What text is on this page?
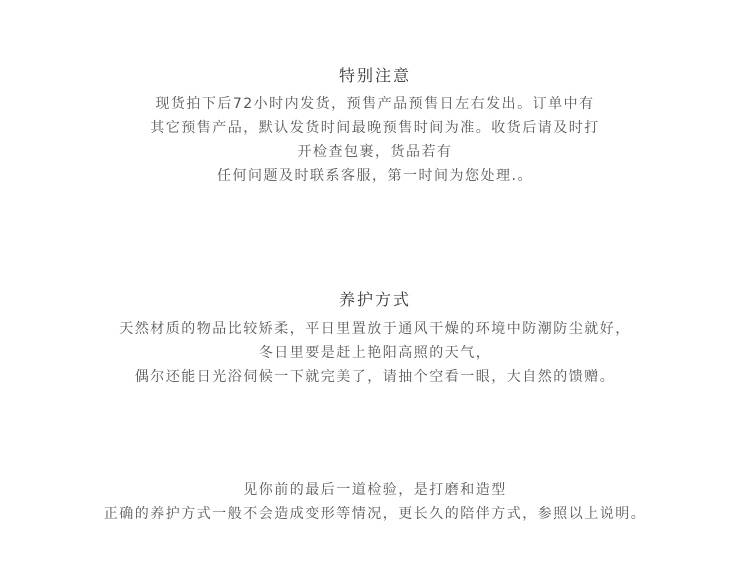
特别注意
现货拍下后72小时内发货，预售产品预售日左右发出。订单中有
其它预售产品，默认发货时间最晚预售时间为准。收货后请及时打
开检查包裹，货品若有
任何问题及时联系客服，第一时间为您处理.。
养护方式
天然材质的物品比较矫柔，平日里置放于通风干燥的环境中防潮防尘就好，
冬日里要是赶上艳阳高照的天气，
偶尔还能日光浴伺候一下就完美了，请抽个空看一眼，大自然的馈赠。
见你前的最后一道检验，是打磨和造型
正确的养护方式一般不会造成变形等情况，更长久的陪伴方式，参照以上说明。
